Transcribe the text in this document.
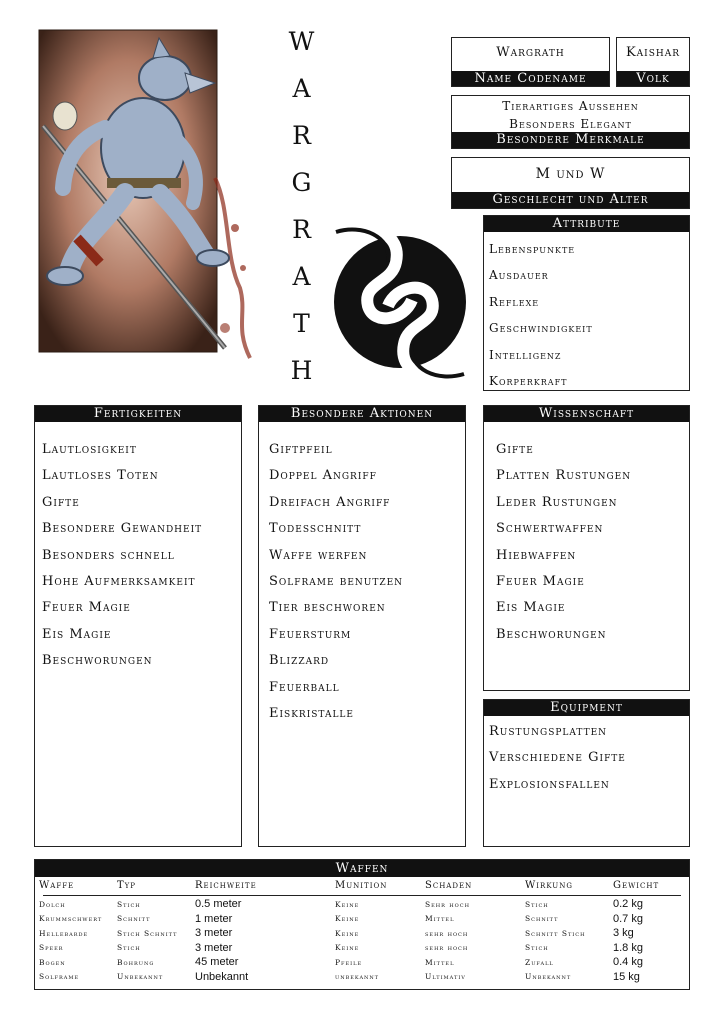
W
A
R
G
R
A
T
H
Wargrath
Name Codename
Kaishar
Volk
Tierartiges Aussehen
Besonders Elegant
Besondere Merkmale
M und W
Geschlecht und Alter
Attribute
Lebenspunkte
Ausdauer
Reflexe
Geschwindigkeit
Intelligenz
Korperkraft
Fertigkeiten
Lautlosigkeit
Lautloses Toten
Gifte
Besondere Gewandheit
Besonders schnell
Hohe Aufmerksamkeit
Feuer Magie
Eis Magie
Beschworungen
Besondere Aktionen
Giftpfeil
Doppel Angriff
Dreifach Angriff
Todesschnitt
Waffe werfen
Solframe benutzen
Tier beschworen
Feuersturm
Blizzard
Feuerball
Eiskristalle
Wissenschaft
Gifte
Platten Rustungen
Leder Rustungen
Schwertwaffen
Hiebwaffen
Feuer Magie
Eis Magie
Beschworungen
Equipment
Rustungsplatten
Verschiedene Gifte
Explosionsfallen
Waffen
Waffe	Typ	Reichweite	Munition	Schaden	Wirkung	Gewicht

Dolch	Stich	0.5 meter	Keine	Sehr hoch	Stich	0.2 kg
Krummschwert	Schnitt	1 meter	Keine	Mittel	Schnitt	0.7 kg
Hellebarde	Stich Schnitt	3 meter	Keine	sehr hoch	Schnitt Stich	3 kg
Speer	Stich	3 meter	Keine	sehr hoch	Stich	1.8 kg
Bogen	Bohrung	45 meter	Pfeile	Mittel	Zufall	0.4 kg
Solframe	Unbekannt	Unbekannt	unbekannt	Ultimativ	Unbekannt	15 kg
